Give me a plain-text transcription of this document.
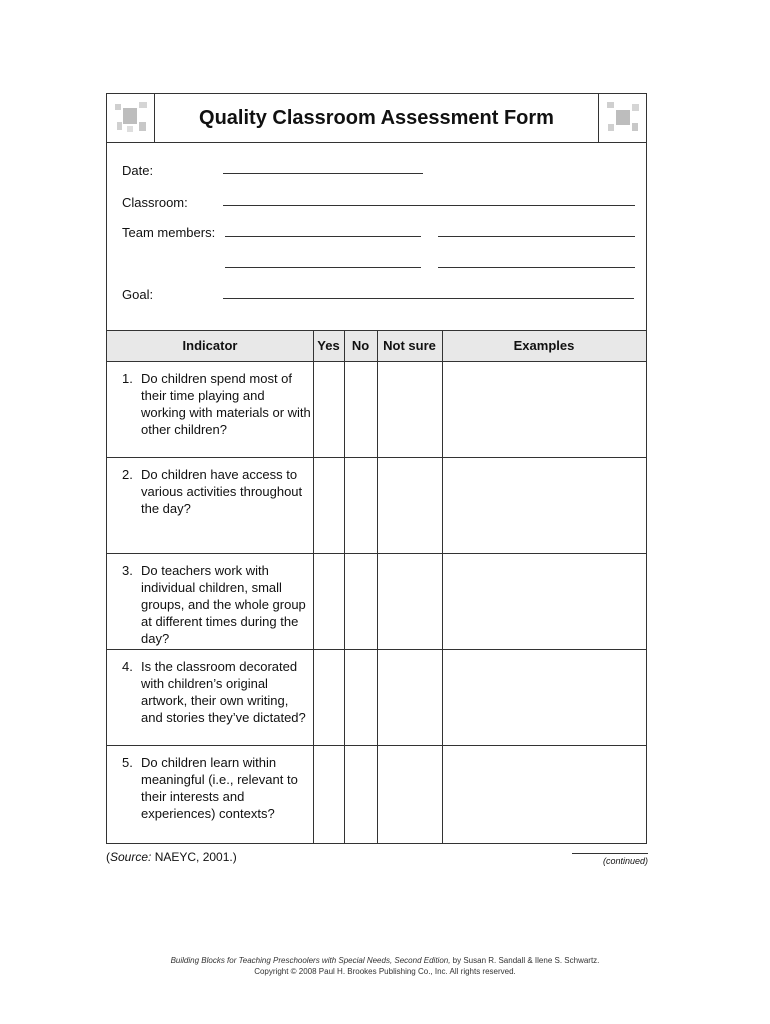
Quality Classroom Assessment Form
Date:
Classroom:
Team members:
Goal:
Indicator	Yes No	Not sure	Examples
1. Do children spend most of their time playing and working with materials or with other children?
2. Do children have access to various activities throughout the day?
3. Do teachers work with individual children, small groups, and the whole group at different times during the day?
4. Is the classroom decorated with children’s original artwork, their own writing, and stories they’ve dictated?
5. Do children learn within meaningful (i.e., relevant to their interests and experiences) contexts?
(Source: NAEYC, 2001.)	(continued)
Building Blocks for Teaching Preschoolers with Special Needs, Second Edition, by Susan R. Sandall & Ilene S. Schwartz.
Copyright © 2008 Paul H. Brookes Publishing Co., Inc. All rights reserved.
